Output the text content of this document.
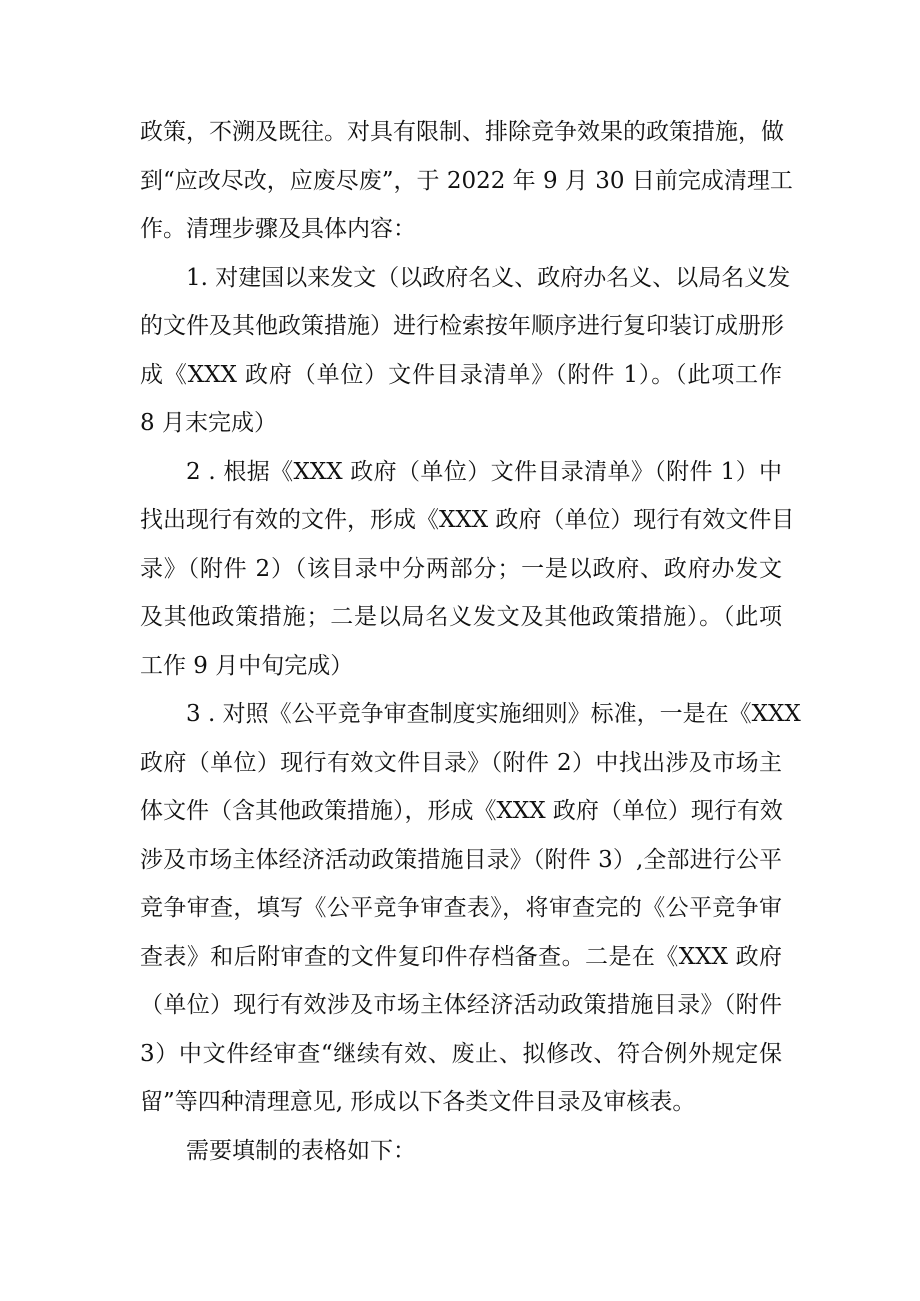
政策，不溯及既往。对具有限制、排除竞争效果的政策措施，做
到“应改尽改，应废尽废”，于 2022 年 9 月 30 日前完成清理工
作。清理步骤及具体内容：
1. 对建国以来发文（以政府名义、政府办名义、以局名义发
的文件及其他政策措施）进行检索按年顺序进行复印装订成册形
成《XXX 政府（单位）文件目录清单》（附件 1）。（此项工作
8 月末完成）
2 . 根据《XXX 政府（单位）文件目录清单》（附件 1）中
找出现行有效的文件，形成《XXX 政府（单位）现行有效文件目
录》（附件 2）（该目录中分两部分；一是以政府、政府办发文
及其他政策措施；二是以局名义发文及其他政策措施）。（此项
工作 9 月中旬完成）
3 . 对照《公平竞争审查制度实施细则》标准，一是在《XXX
政府（单位）现行有效文件目录》（附件 2）中找出涉及市场主
体文件（含其他政策措施），形成《XXX 政府（单位）现行有效
涉及市场主体经济活动政策措施目录》（附件 3）,全部进行公平
竞争审查，填写《公平竞争审查表》，将审查完的《公平竞争审
查表》和后附审查的文件复印件存档备查。二是在《XXX 政府
（单位）现行有效涉及市场主体经济活动政策措施目录》（附件
3）中文件经审查“继续有效、废止、拟修改、符合例外规定保
留”等四种清理意见, 形成以下各类文件目录及审核表。
需要填制的表格如下：
